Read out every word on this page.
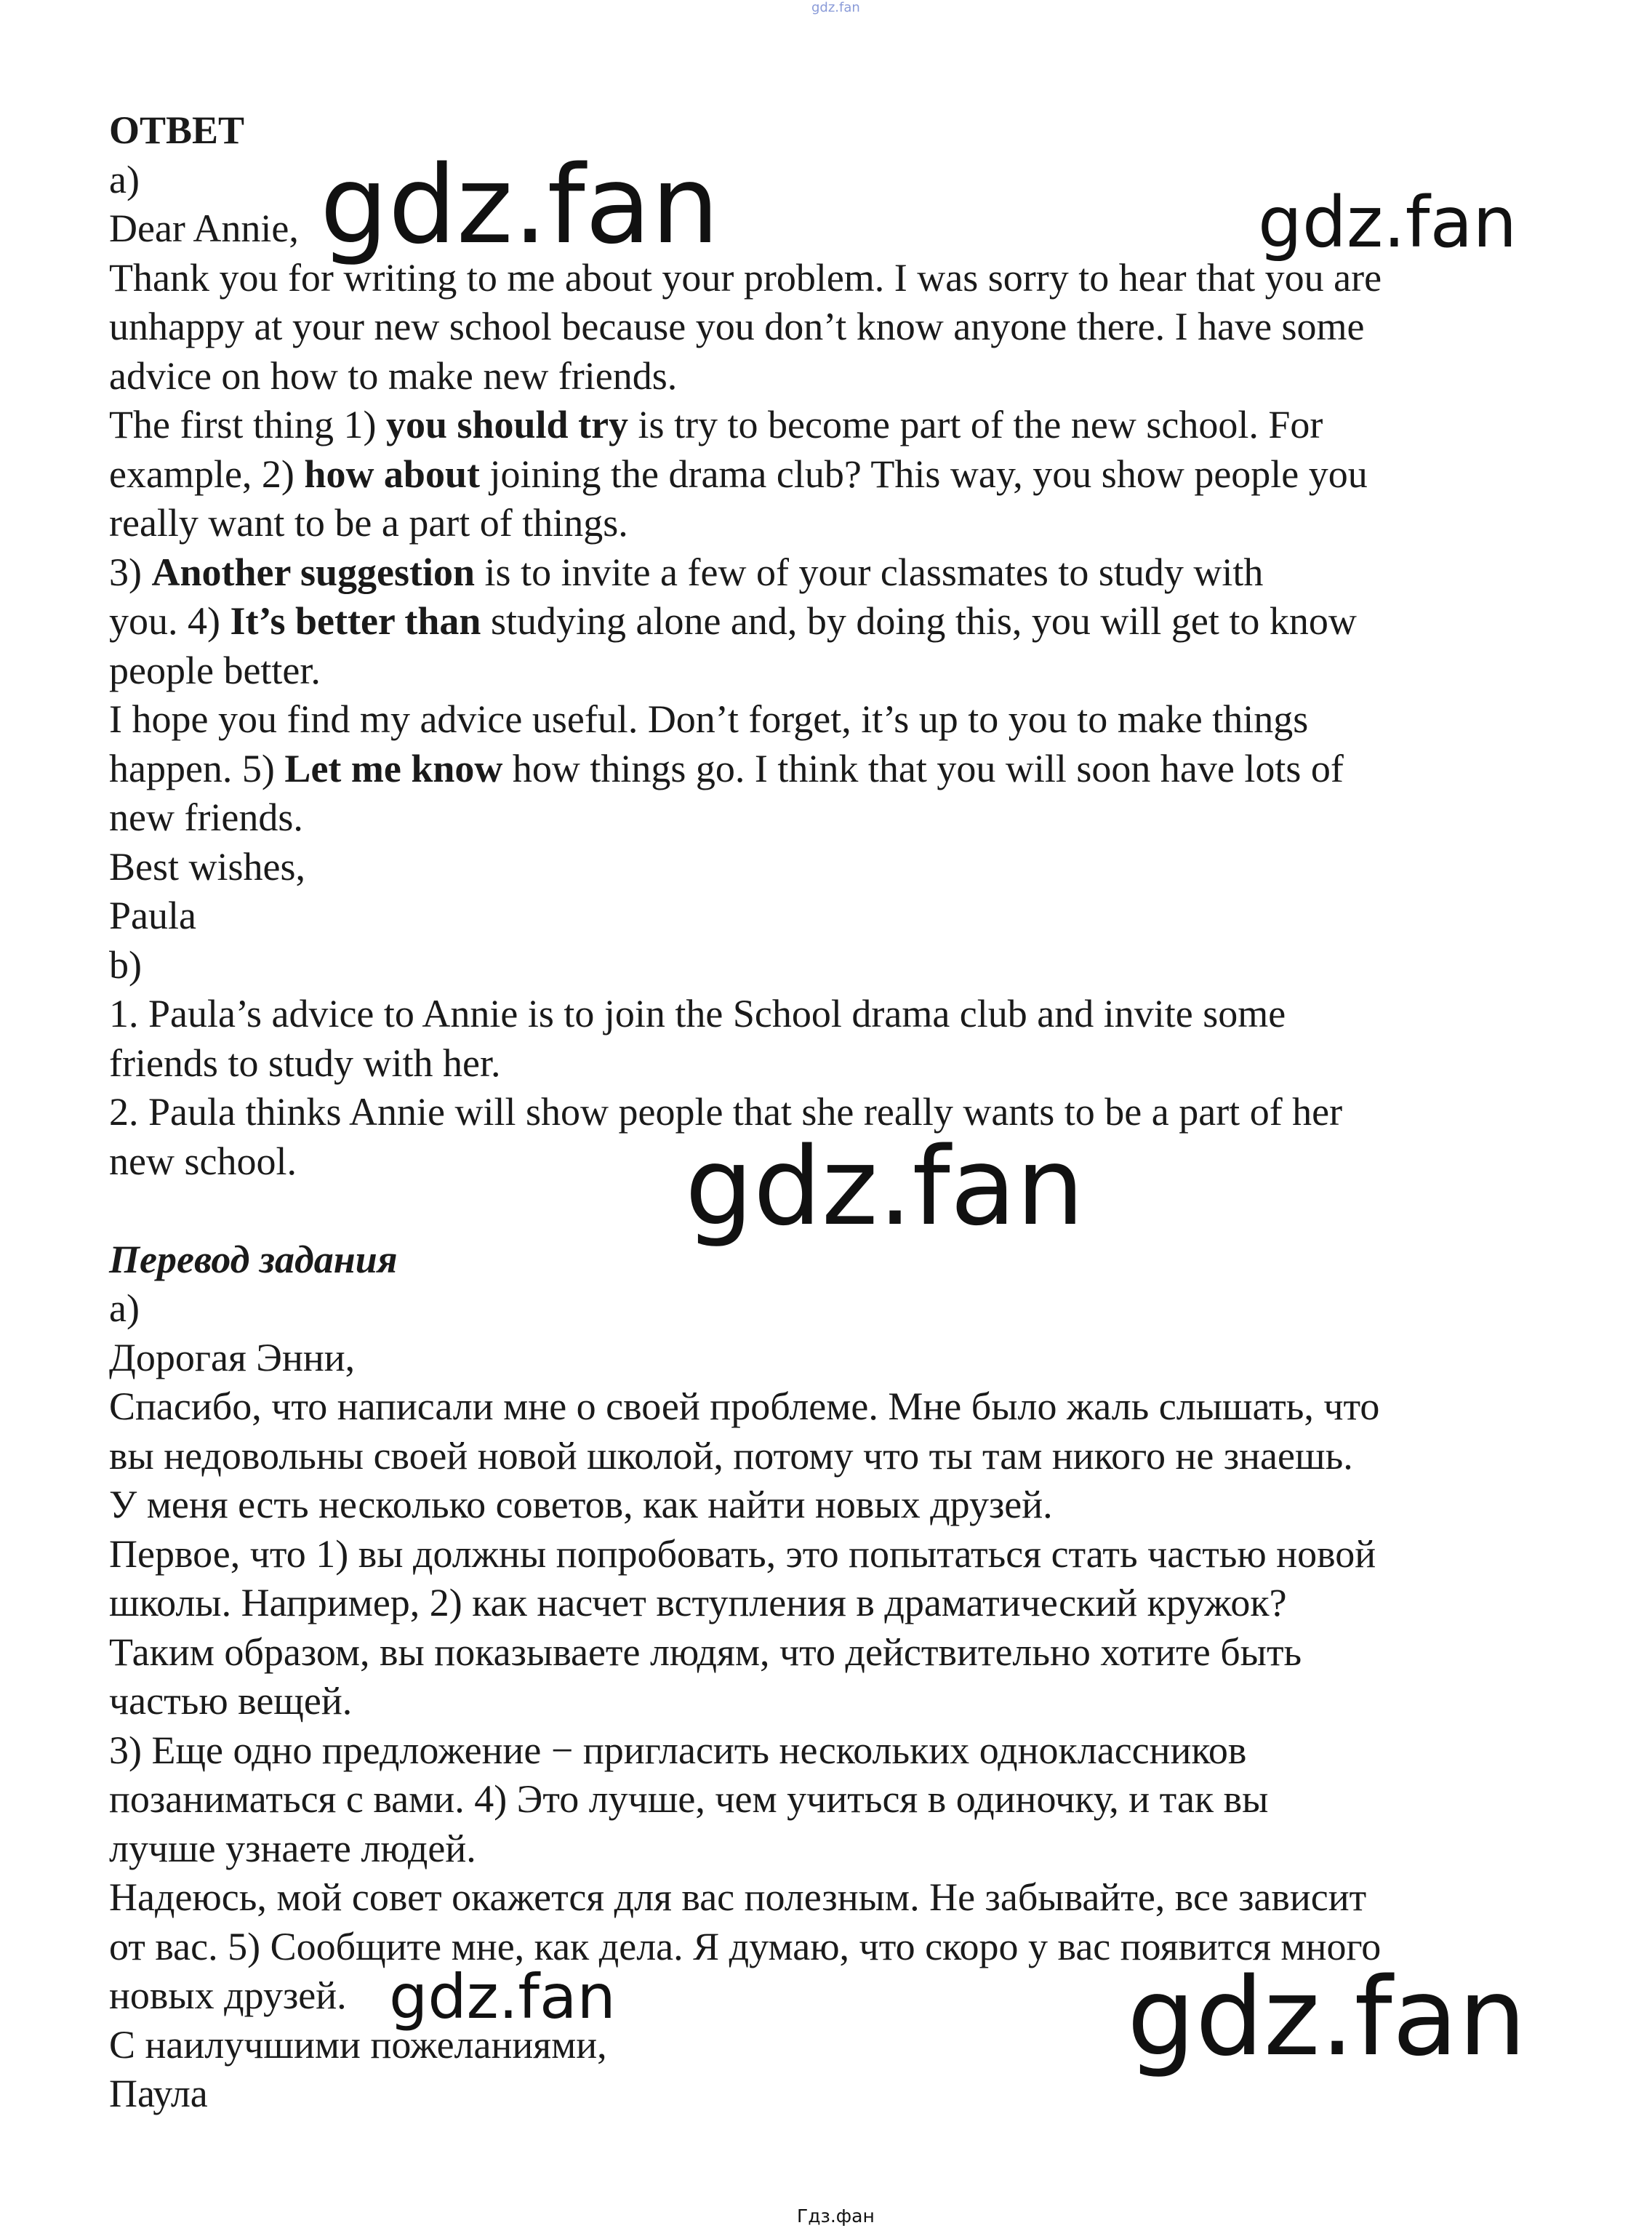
gdz.fan
ОТВЕТ
a)
Dear Annie,
Thank you for writing to me about your problem. I was sorry to hear that you are
unhappy at your new school because you don’t know anyone there. I have some
advice on how to make new friends.
The first thing 1) you should try is try to become part of the new school. For
example, 2) how about joining the drama club? This way, you show people you
really want to be a part of things.
3) Another suggestion is to invite a few of your classmates to study with
you. 4) It’s better than studying alone and, by doing this, you will get to know
people better.
I hope you find my advice useful. Don’t forget, it’s up to you to make things
happen. 5) Let me know how things go. I think that you will soon have lots of
new friends.
Best wishes,
Paula
b)
1. Paula’s advice to Annie is to join the School drama club and invite some
friends to study with her.
2. Paula thinks Annie will show people that she really wants to be a part of her
new school.
Перевод задания
a)
Дорогая Энни,
Спасибо, что написали мне о своей проблеме. Мне было жаль слышать, что
вы недовольны своей новой школой, потому что ты там никого не знаешь.
У меня есть несколько советов, как найти новых друзей.
Первое, что 1) вы должны попробовать, это попытаться стать частью новой
школы. Например, 2) как насчет вступления в драматический кружок?
Таким образом, вы показываете людям, что действительно хотите быть
частью вещей.
3) Еще одно предложение − пригласить нескольких одноклассников
позаниматься с вами. 4) Это лучше, чем учиться в одиночку, и так вы
лучше узнаете людей.
Надеюсь, мой совет окажется для вас полезным. Не забывайте, все зависит
от вас. 5) Сообщите мне, как дела. Я думаю, что скоро у вас появится много
новых друзей.
С наилучшими пожеланиями,
Паула
gdz.fan	gdz.fan
gdz.fan
gdz.fan	gdz.fan
Гдз.фан
